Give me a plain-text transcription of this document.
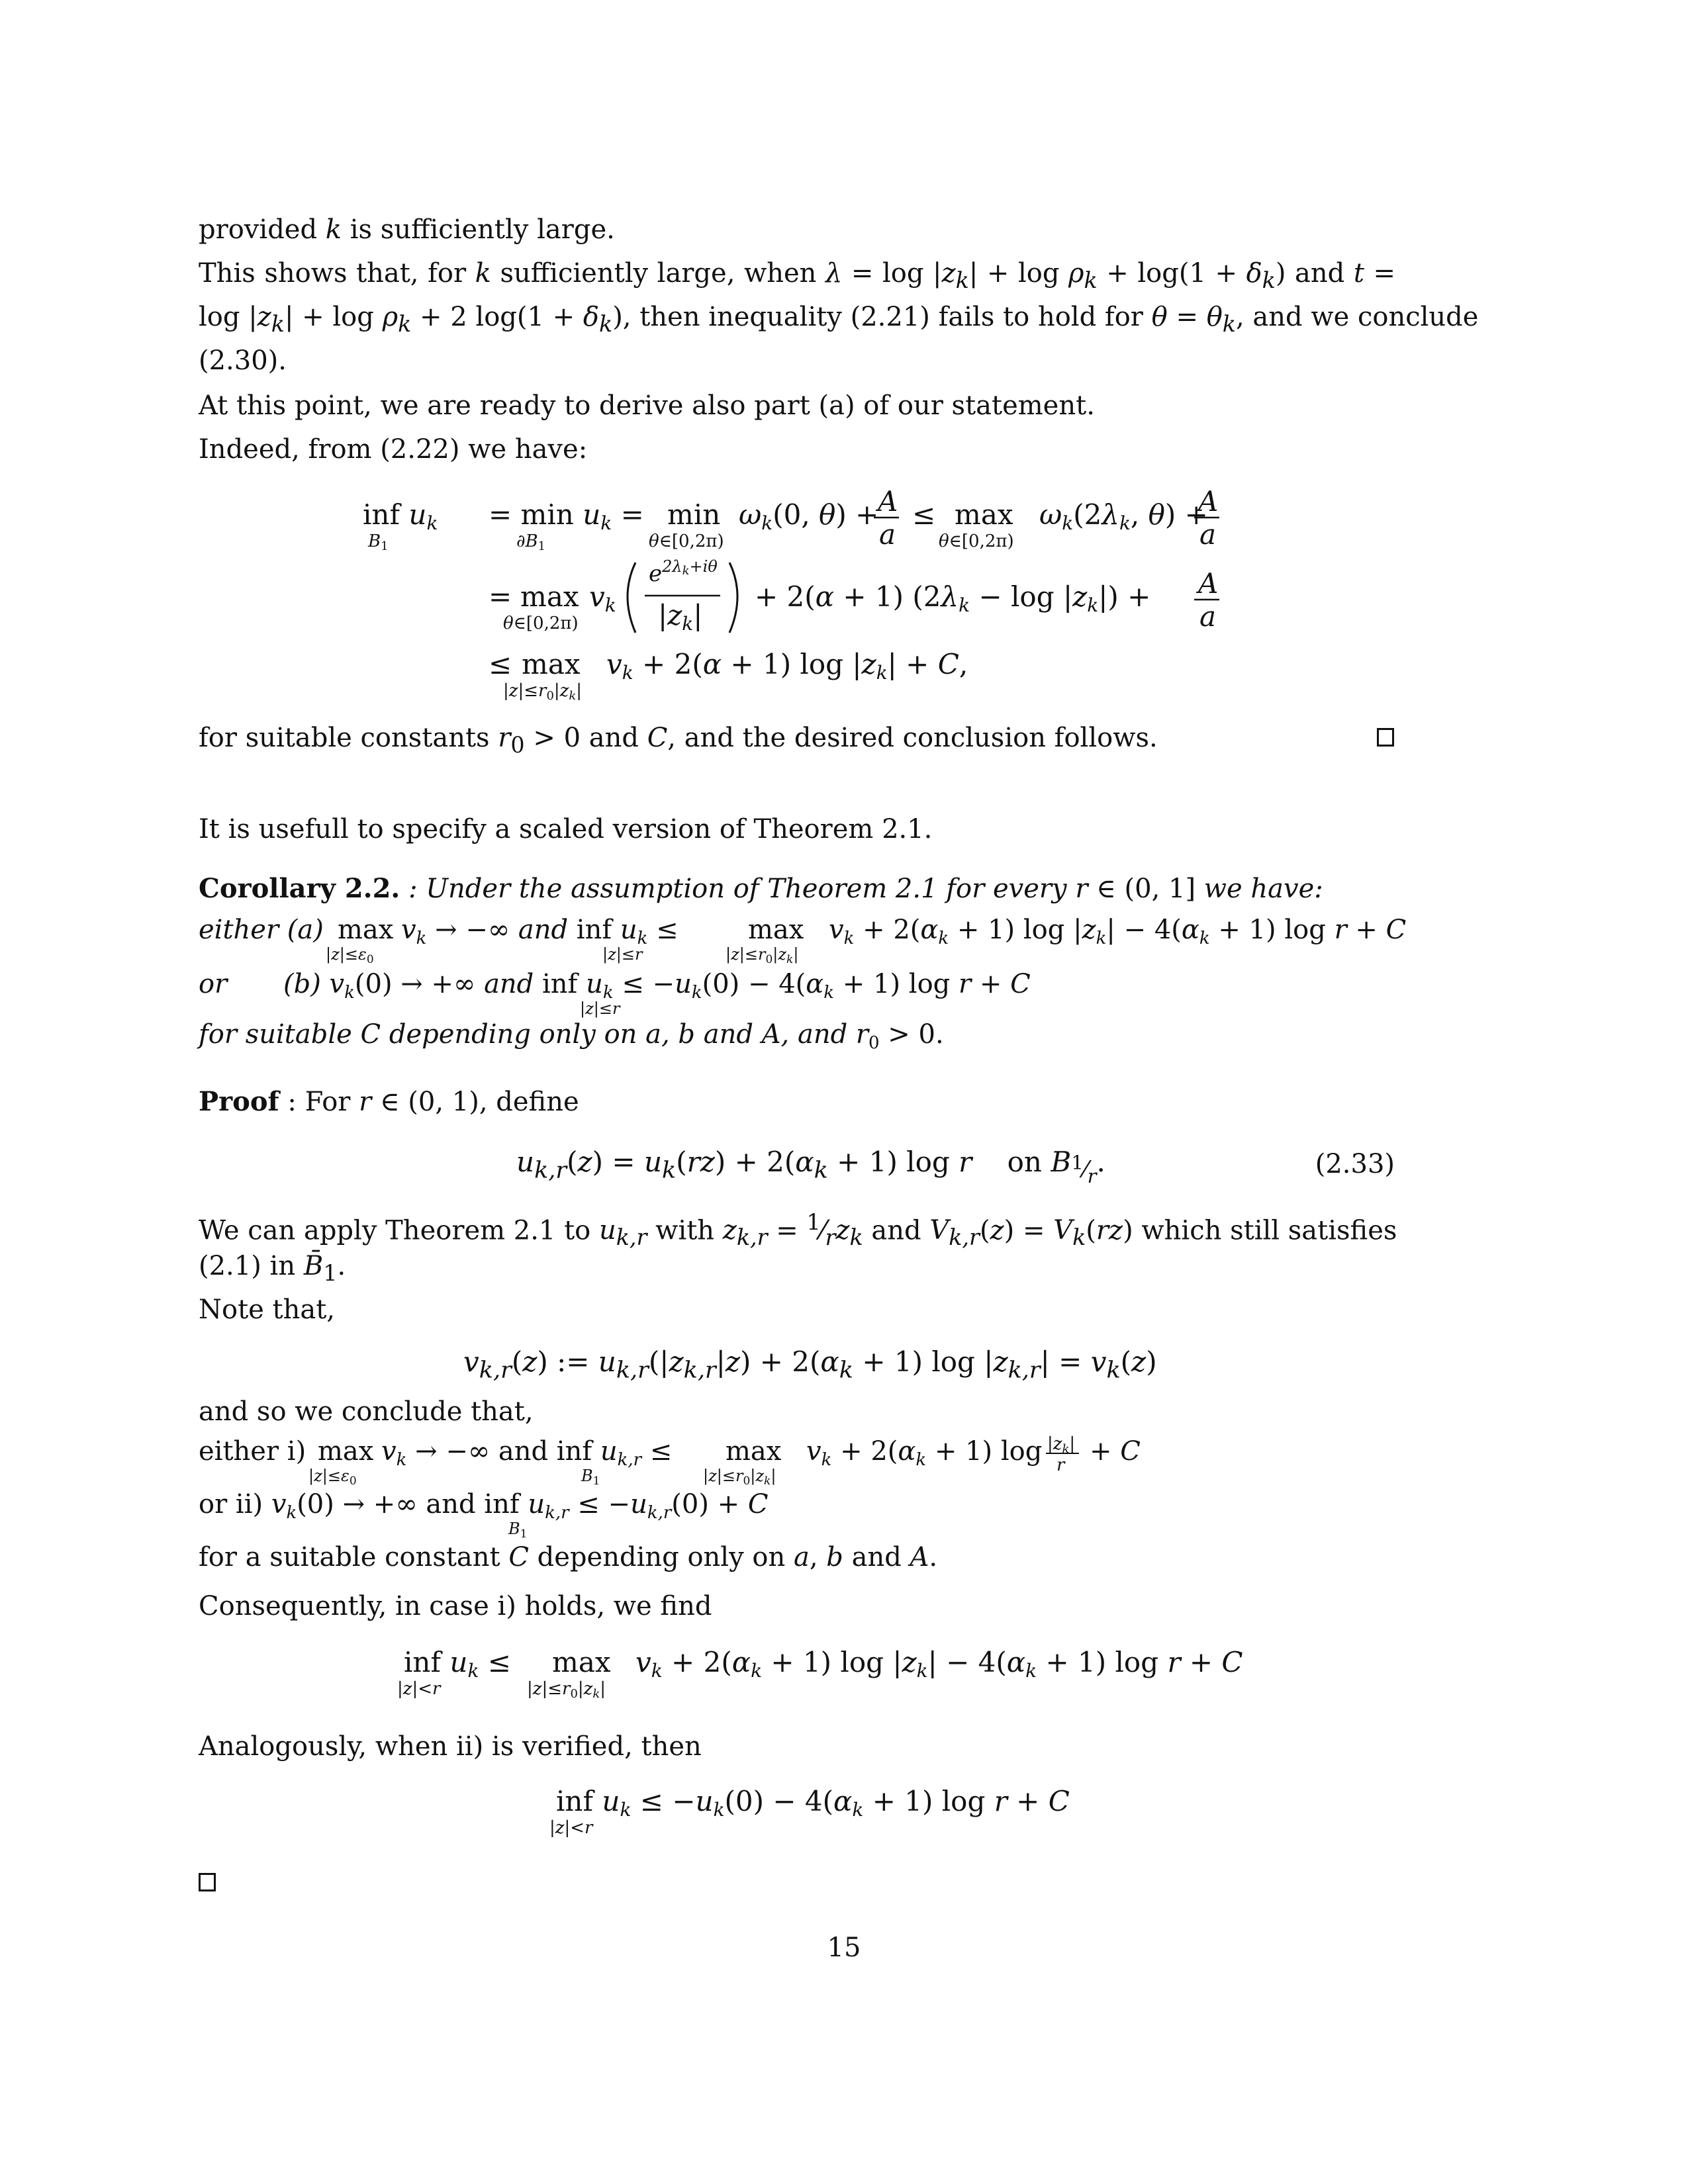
provided k is sufficiently large.
This shows that, for k sufficiently large, when $\lambda = \log |z_k| + \log \rho_k + \log(1 + \delta_k)$ and t =
$\log |z_k| + \log \rho_k + 2$ $\log(1 + \delta_k)$, then inequality (2.21) fails to hold for $\theta = \theta_k$, and we conclude
(2.30).
At this point, we are ready to derive also part (a) of our statement.
Indeed, from (2.22) we have:
inf uk
B1
= min uk =
∂B1
min
θ∈[0,2π)
ωk(0, θ) +
A
a
≤ max
θ∈[0,2π)
ωk(2λk, θ) +
A
a
= max
θ∈[0,2π)
vk
$e^{2\lambda}k+i\theta$
|zk|
+ 2(α + 1) (2λk − log |zk|) + A
a
≤ max
|z|≤r0|zk|
vk + 2(α + 1) log |zk| + C,
for suitable constants $r_0 > 0$ and C, and the desired conclusion follows.
It is usefull to specify a scaled version of Theorem 2.1.
Corollary 2.2. : Under the assumption of Theorem 2.1 for every r ∈ (0, 1] we have:
either (a) max
$|z|\le\varepsilon_0$
$v_k$ → −∞ and inf $u_k$ ≤
|z|≤r
max
$|z|\le r_0|z_k|$
$v_k + 2(\alpha_k + 1)$ $\log |z_k| - 4(\alpha_k + 1)$ log r + C
or (b) $v_k(0)$ → +∞ and inf $u_k \le -u_k(0) - 4(\alpha_k + 1)$ log r + C
|z|≤r
for suitable C depending only on a, b and A, and $r_0 > 0$.
Proof : For r ∈ (0, 1), define
$u_{k,r}(z) = u_k(rz) + 2(\alpha_k + 1)$ log r    on $B_{^1⁄_r}$.	(2.33)
We can apply Theorem 2.1 to $u_{k,r}$ with $z_{k,r}$ = $^1⁄_rz_k$ and $V_{k,r}(z) = V_k(rz)$ which still satisfies
(2.1) in $B̄_1$.
Note that,
$v_{k,r}(z)$ := $u_{k,r}(|z_{k,r}|z) + 2(\alpha_k + 1)$ $\log |z_{k,r}| = v_k(z)$
and so we conclude that,
either i) max
$|z|\le\varepsilon_0$
$v_k$ → −∞ and inf $u_{k,r}$ ≤
$B_1$
max
$|z|\le r_0|z_k|$
$v_k + 2(\alpha_k + 1)$ log |zk|
r + C
or ii) $v_k(0)$ → +∞ and inf $u_{k,r} \le -u_{k,r}(0) + C$
$B_1$
for a suitable constant C depending only on a, b and A.
Consequently, in case i) holds, we find
inf uk ≤
|z|<r
max
|z|≤r0|zk|
vk + 2(αk + 1) log |zk| − 4(αk + 1) log r + C
Analogously, when ii) is verified, then
inf uk ≤ −uk(0) − 4(αk + 1) log r + C
|z|<r
15
